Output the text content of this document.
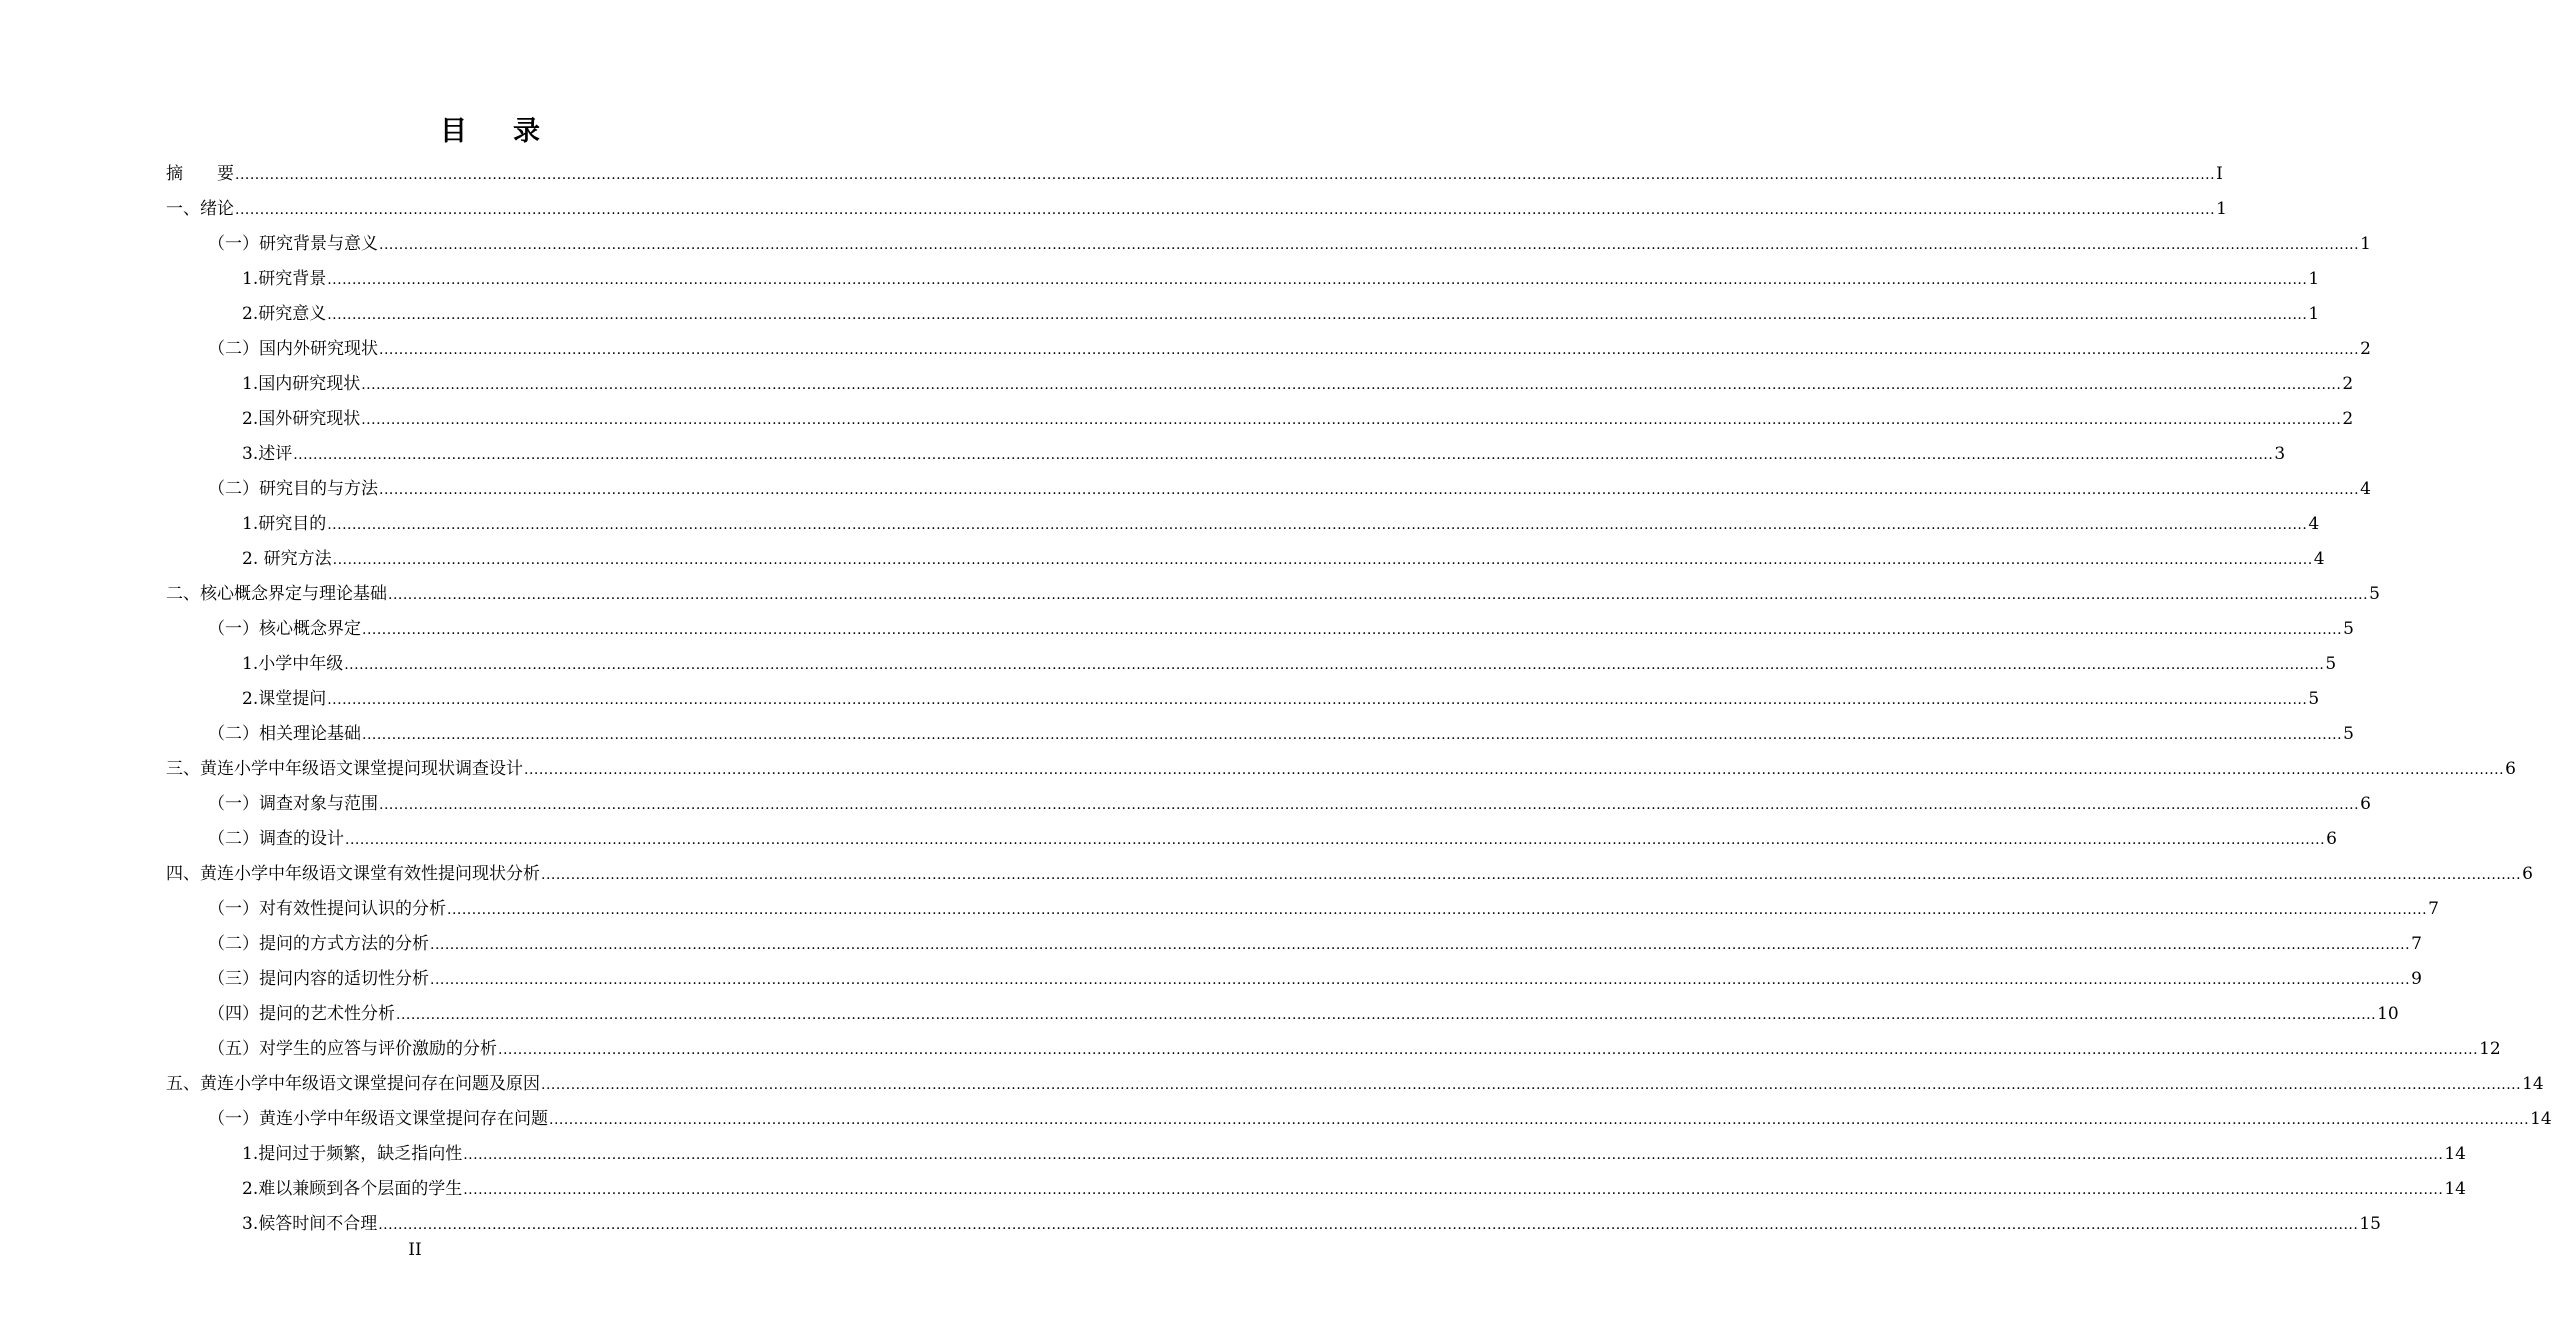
目录
摘　　要 ................................................................................................................................................................................................................................................................................................................................................................................................................ I
一、绪论 ................................................................................................................................................................................................................................................................................................................................................................................................................ 1
（一）研究背景与意义 ................................................................................................................................................................................................................................................................................................................................................................................................................ 1
1.研究背景 ................................................................................................................................................................................................................................................................................................................................................................................................................ 1
2.研究意义 ................................................................................................................................................................................................................................................................................................................................................................................................................ 1
（二）国内外研究现状 ................................................................................................................................................................................................................................................................................................................................................................................................................ 2
1.国内研究现状 ................................................................................................................................................................................................................................................................................................................................................................................................................ 2
2.国外研究现状 ................................................................................................................................................................................................................................................................................................................................................................................................................ 2
3.述评 ................................................................................................................................................................................................................................................................................................................................................................................................................ 3
（二）研究目的与方法 ................................................................................................................................................................................................................................................................................................................................................................................................................ 4
1.研究目的 ................................................................................................................................................................................................................................................................................................................................................................................................................ 4
2. 研究方法 ................................................................................................................................................................................................................................................................................................................................................................................................................ 4
二、核心概念界定与理论基础 ................................................................................................................................................................................................................................................................................................................................................................................................................ 5
（一）核心概念界定 ................................................................................................................................................................................................................................................................................................................................................................................................................ 5
1.小学中年级 ................................................................................................................................................................................................................................................................................................................................................................................................................ 5
2.课堂提问 ................................................................................................................................................................................................................................................................................................................................................................................................................ 5
（二）相关理论基础 ................................................................................................................................................................................................................................................................................................................................................................................................................ 5
三、黄连小学中年级语文课堂提问现状调查设计 ................................................................................................................................................................................................................................................................................................................................................................................................................ 6
（一）调查对象与范围 ................................................................................................................................................................................................................................................................................................................................................................................................................ 6
（二）调查的设计 ................................................................................................................................................................................................................................................................................................................................................................................................................ 6
四、黄连小学中年级语文课堂有效性提问现状分析 ................................................................................................................................................................................................................................................................................................................................................................................................................ 6
（一）对有效性提问认识的分析 ................................................................................................................................................................................................................................................................................................................................................................................................................ 7
（二）提问的方式方法的分析 ................................................................................................................................................................................................................................................................................................................................................................................................................ 7
（三）提问内容的适切性分析 ................................................................................................................................................................................................................................................................................................................................................................................................................ 9
（四）提问的艺术性分析 ................................................................................................................................................................................................................................................................................................................................................................................................................ 10
（五）对学生的应答与评价激励的分析 ................................................................................................................................................................................................................................................................................................................................................................................................................ 12
五、黄连小学中年级语文课堂提问存在问题及原因 ................................................................................................................................................................................................................................................................................................................................................................................................................ 14
（一）黄连小学中年级语文课堂提问存在问题 ................................................................................................................................................................................................................................................................................................................................................................................................................ 14
1.提问过于频繁，缺乏指向性 ................................................................................................................................................................................................................................................................................................................................................................................................................ 14
2.难以兼顾到各个层面的学生 ................................................................................................................................................................................................................................................................................................................................................................................................................ 14
3.候答时间不合理 ................................................................................................................................................................................................................................................................................................................................................................................................................ 15
II
